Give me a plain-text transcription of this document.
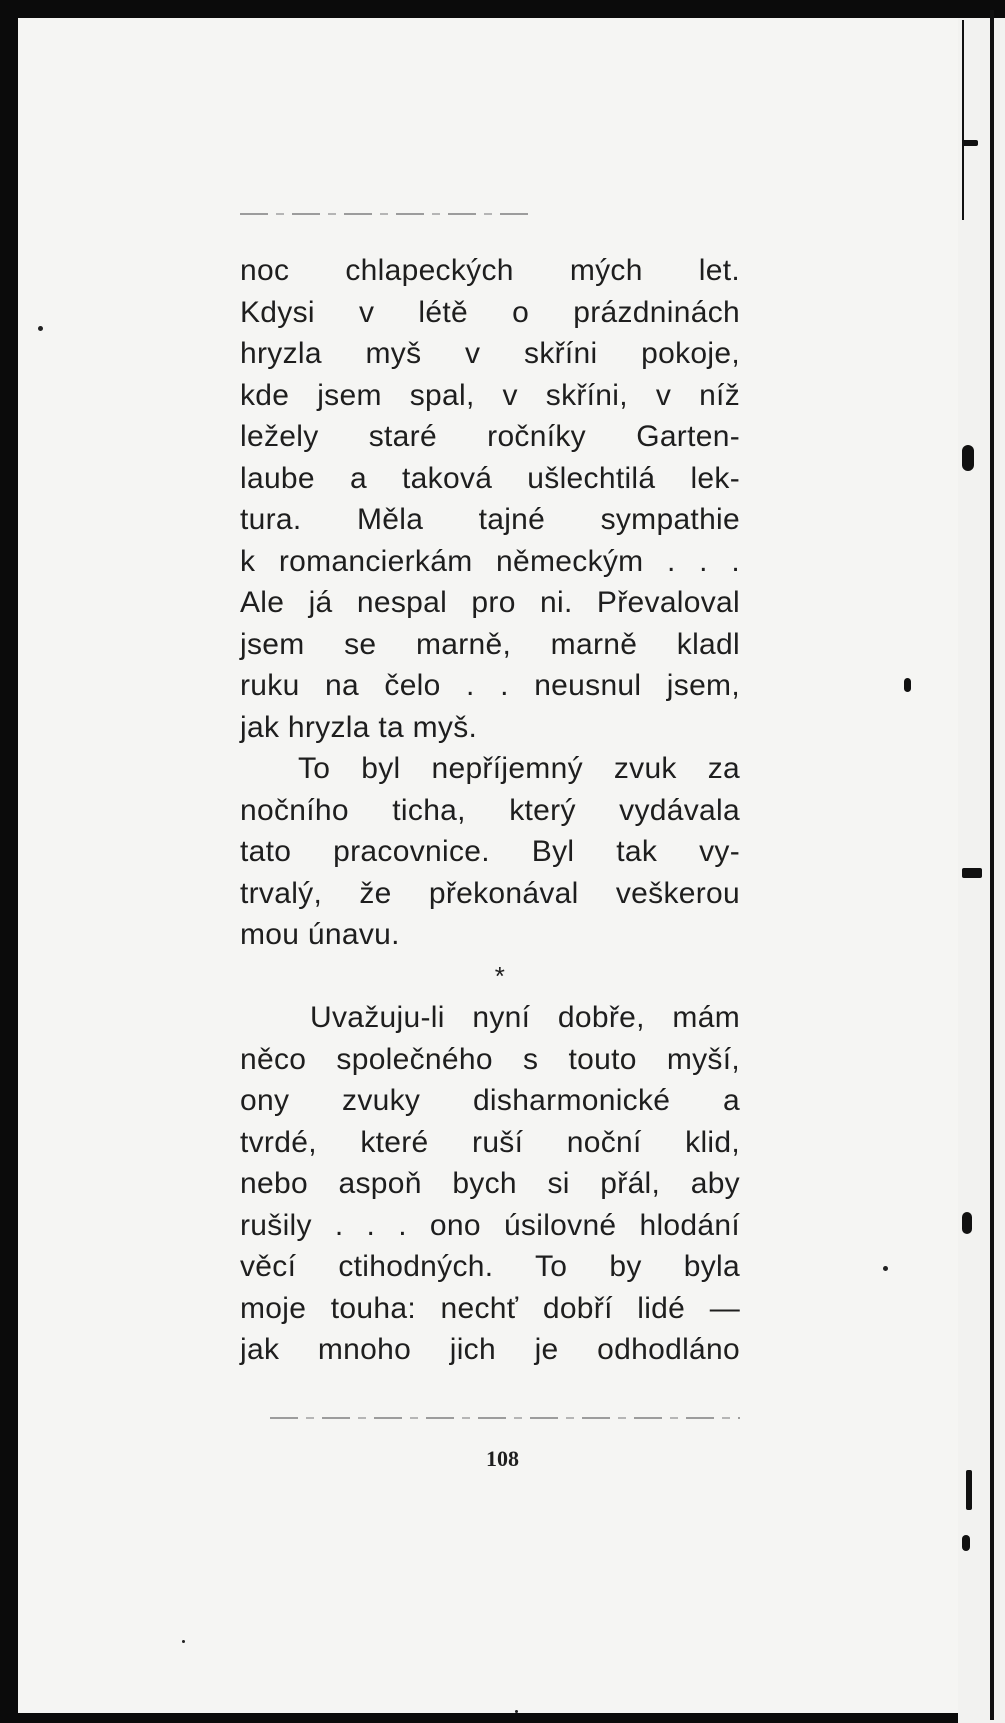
noc chlapeckých mých let.
Kdysi v létě o prázdninách
hryzla myš v skříni pokoje,
kde jsem spal, v skříni, v níž
ležely staré ročníky Garten-
laube a taková ušlechtilá lek-
tura. Měla tajné sympathie
k romancierkám německým . . .
Ale já nespal pro ni. Převaloval
jsem se marně, marně kladl
ruku na čelo . . neusnul jsem,
jak hryzla ta myš.
To byl nepříjemný zvuk za
nočního ticha, který vydávala
tato pracovnice. Byl tak vy-
trvalý, že překonával veškerou
mou únavu.
*
Uvažuju-li nyní dobře, mám
něco společného s touto myší,
ony zvuky disharmonické a
tvrdé, které ruší noční klid,
nebo aspoň bych si přál, aby
rušily . . . ono úsilovné hlodání
věcí ctihodných. To by byla
moje touha: nechť dobří lidé —
jak mnoho jich je odhodláno
108
